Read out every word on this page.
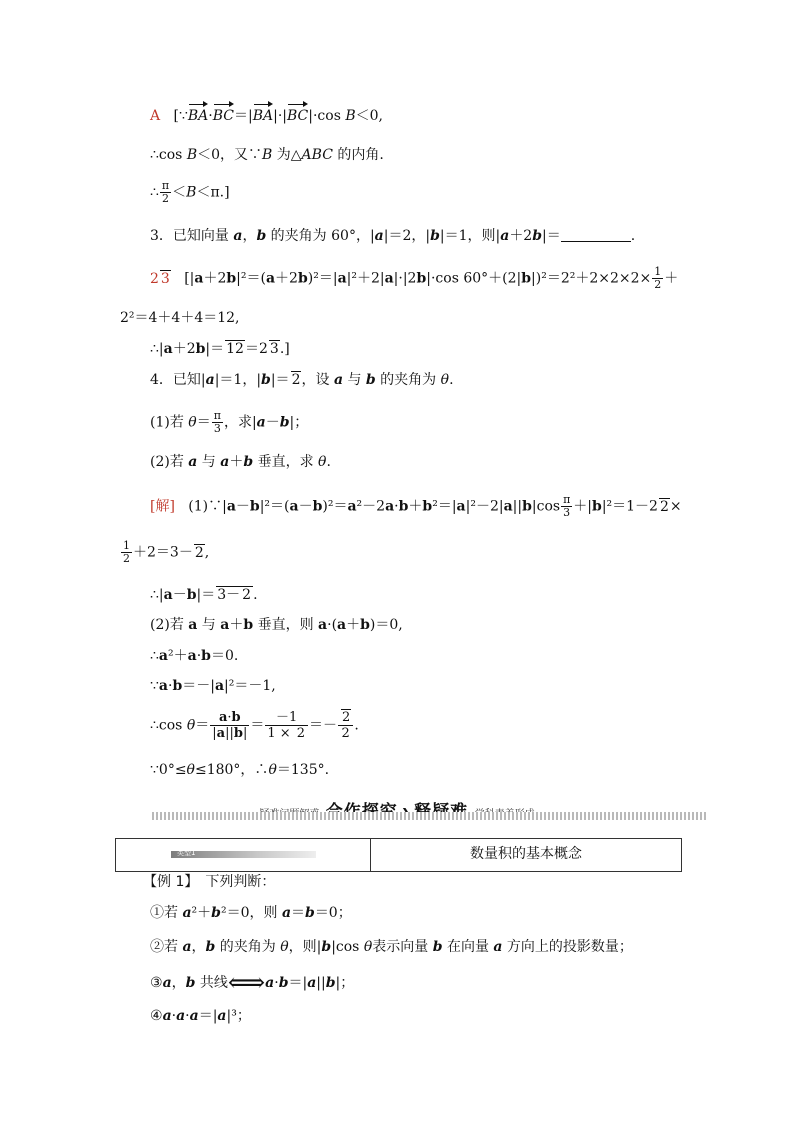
A [∵BA·BC＝|BA|·|BC|·cos B＜0,
∴cos B＜0，又∵B 为△ABC 的内角.
∴ $\frac{\pi}{2} <B<\pi$.]
3．已知向量 a，b 的夹角为 60°，|a|＝2，|b|＝1，则|a＋2b|＝	.
2 3   [|a＋2b|²＝(a＋2b)²＝|a|²＋2|a|·|2b|·cos $60^\circ+(2|b|)^2=2^2+2\times 2\times 2\times \frac{1}{2}$ ＋
2²＝4＋4＋4＝12,
∴|a＋2b|＝ 12＝2 3.]
4．已知|a|＝1，|b|＝ 2，设 a 与 b 的夹角为 θ.
(1)若 $\theta= \frac{\pi}{3}$ ，求|a－b|；
(2)若 a 与 a＋b 垂直，求 θ.
[解]   (1)∵|a－b|²＝(a－b)²＝a²－2a·b＋b²＝|a|²－2|a||b|cos $\frac{\pi}{3} +|b|^2=1-2$ 2×
$\frac{1}{2} +2=3- 2$,
∴|a－b|＝ 3－ 2 .
(2)若 a 与 a＋b 垂直，则 a·(a＋b)＝0,
∴a²＋a·b＝0.
∵a·b＝－|a|²＝－1,
∴cos $\theta= \frac{a\cdot b}{|a||b|} = \frac{-1}{1 \times 2} =- \frac{2}{2}$ .
∵0°≤θ≤180°，∴θ＝135°.

类型1	数量积的基本概念
【例 1】　下列判断：
①若 a²＋b²＝0，则 a＝b＝0；
②若 a，b 的夹角为 θ，则|b|cos θ表示向量 b 在向量 a 方向上的投影数量；
③a，b 共线⟺a·b＝|a||b|；
④a·a·a＝|a|³；
